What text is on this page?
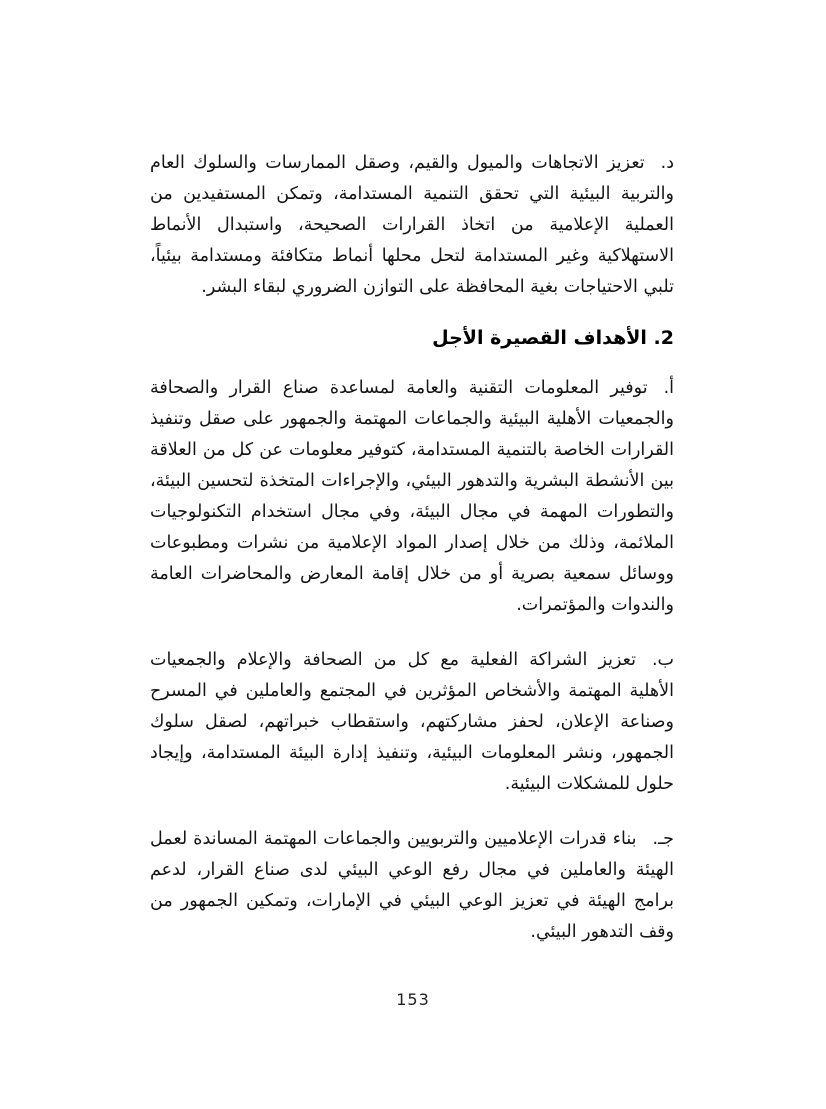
د.تعزيز الاتجاهات والميول والقيم، وصقل الممارسات والسلوك العام والتربية البيئية التي تحقق التنمية المستدامة، وتمكن المستفيدين من العملية الإعلامية من اتخاذ القرارات الصحيحة، واستبدال الأنماط الاستهلاكية وغير المستدامة لتحل محلها أنماط متكافئة ومستدامة بيئياً، تلبي الاحتياجات بغية المحافظة على التوازن الضروري لبقاء البشر.

2. الأهداف القصيرة الأجل

أ.توفير المعلومات التقنية والعامة لمساعدة صناع القرار والصحافة والجمعيات الأهلية البيئية والجماعات المهتمة والجمهور على صقل وتنفيذ القرارات الخاصة بالتنمية المستدامة، كتوفير معلومات عن كل من العلاقة بين الأنشطة البشرية والتدهور البيئي، والإجراءات المتخذة لتحسين البيئة، والتطورات المهمة في مجال البيئة، وفي مجال استخدام التكنولوجيات الملائمة، وذلك من خلال إصدار المواد الإعلامية من نشرات ومطبوعات ووسائل سمعية بصرية أو من خلال إقامة المعارض والمحاضرات العامة والندوات والمؤتمرات.

ب.تعزيز الشراكة الفعلية مع كل من الصحافة والإعلام والجمعيات الأهلية المهتمة والأشخاص المؤثرين في المجتمع والعاملين في المسرح وصناعة الإعلان، لحفز مشاركتهم، واستقطاب خبراتهم، لصقل سلوك الجمهور، ونشر المعلومات البيئية، وتنفيذ إدارة البيئة المستدامة، وإيجاد حلول للمشكلات البيئية.

جـ.بناء قدرات الإعلاميين والتربويين والجماعات المهتمة المساندة لعمل الهيئة والعاملين في مجال رفع الوعي البيئي لدى صناع القرار، لدعم برامج الهيئة في تعزيز الوعي البيئي في الإمارات، وتمكين الجمهور من وقف التدهور البيئي.

153
